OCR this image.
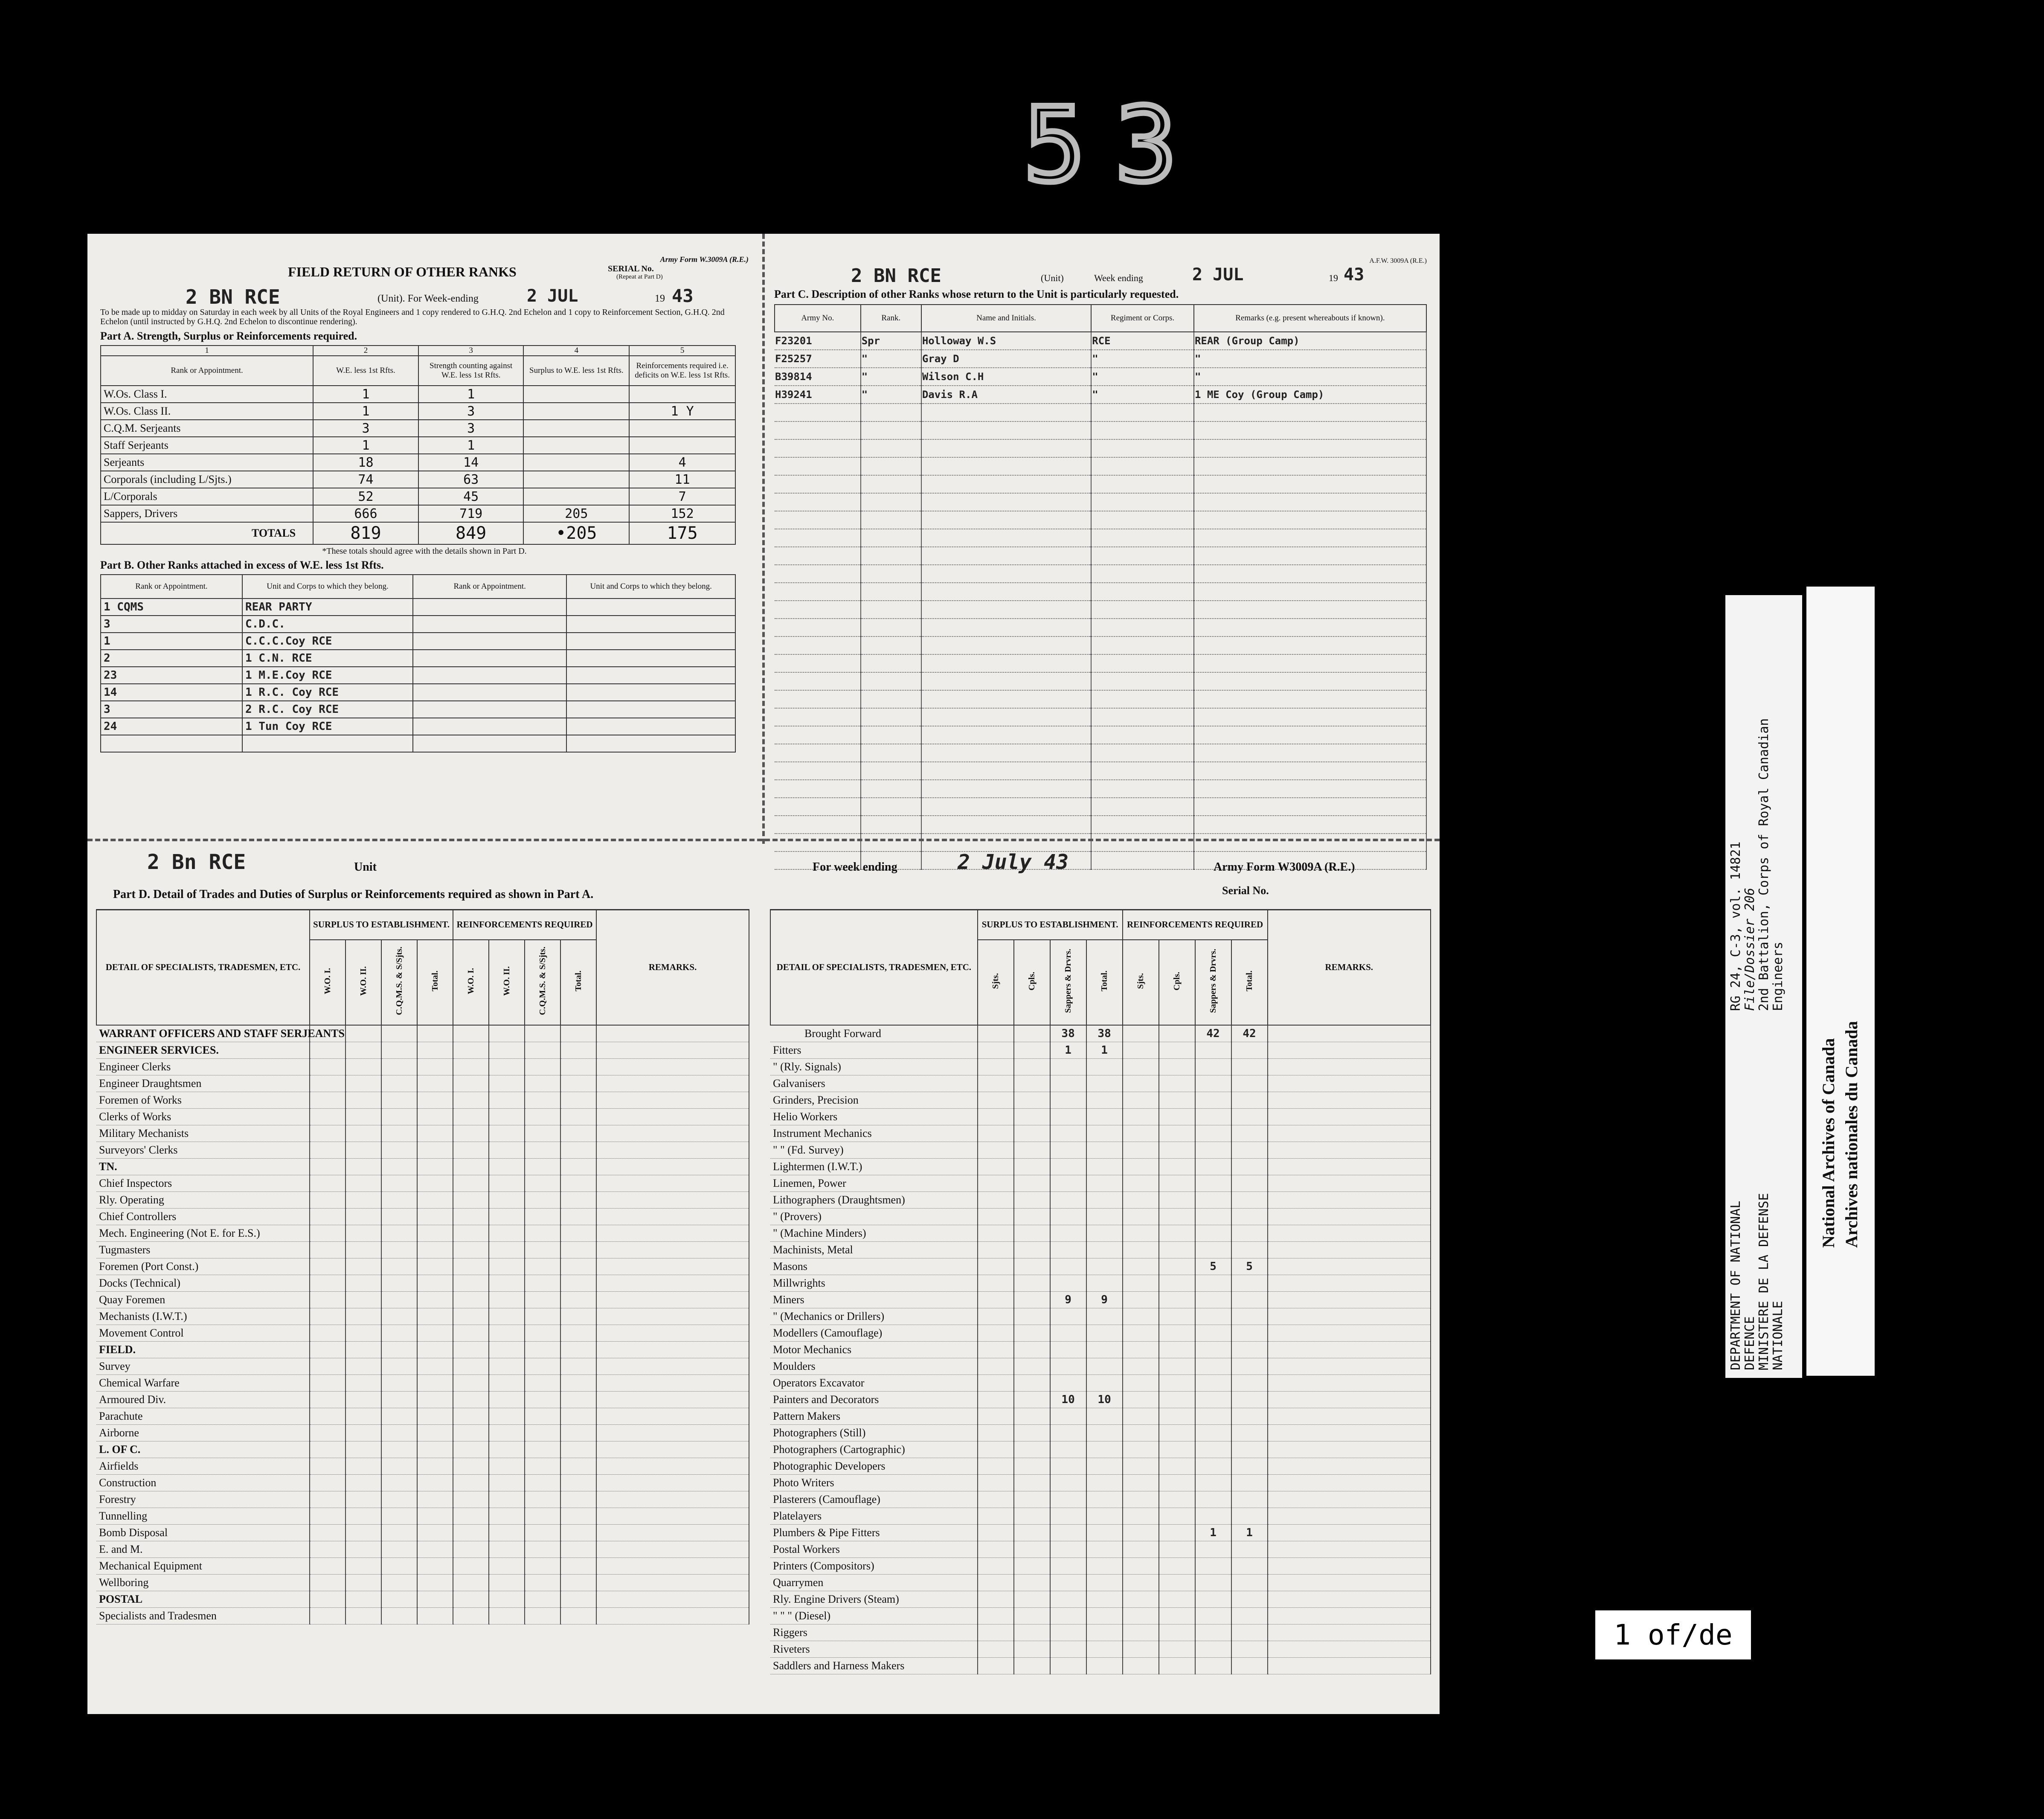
53
Army Form W.3009A (R.E.)
FIELD RETURN OF OTHER RANKS	SERIAL No.
(Repeat at Part D)
2 BN RCE	(Unit). For Week-ending	2 JUL	19 43
To be made up to midday on Saturday in each week by all Units of the Royal Engineers and 1 copy rendered to G.H.Q. 2nd Echelon and 1 copy to Reinforcement Section, G.H.Q. 2nd Echelon (until instructed by G.H.Q. 2nd Echelon to discontinue rendering).
Part A. Strength, Surplus or Reinforcements required.
1	2	3	4	5
Rank or Appointment.	W.E. less 1st Rfts.	Strength counting against W.E. less 1st Rfts.	Surplus to W.E. less 1st Rfts.	Reinforcements required i.e. deficits on W.E. less 1st Rfts.
W.Os. Class I.	1	1		
W.Os. Class II.	1	3		1 Y
C.Q.M. Serjeants	3	3		
Staff Serjeants	1	1		
Serjeants	18	14		4
Corporals (including L/Sjts.)	74	63		11
L/Corporals	52	45		7
Sappers, Drivers	666	719	205	152
TOTALS	819	849	•205	175
*These totals should agree with the details shown in Part D.
Part B. Other Ranks attached in excess of W.E. less 1st Rfts.
Rank or Appointment.	Unit and Corps to which they belong.	Rank or Appointment.	Unit and Corps to which they belong.
1 CQMS	REAR PARTY		
3	C.D.C.		
1	C.C.C.Coy RCE		
2	1 C.N. RCE		
23	1 M.E.Coy RCE		
14	1 R.C. Coy RCE		
3	2 R.C. Coy RCE		
24	1 Tun Coy RCE		

A.F.W. 3009A (R.E.)
2 BN RCE	(Unit)	Week ending	2 JUL	19 43
Part C. Description of other Ranks whose return to the Unit is particularly requested.
Army No.	Rank.	Name and Initials.	Regiment or Corps.	Remarks (e.g. present whereabouts if known).
F23201	Spr	Holloway W.S	RCE	REAR (Group Camp)
F25257	"	Gray D	"	"
B39814	"	Wilson C.H	"	"
H39241	"	Davis R.A	"	1 ME Coy (Group Camp)

2 Bn RCE	Unit	For week ending	2 July 43	Army Form W3009A (R.E.)
Serial No.
Part D. Detail of Trades and Duties of Surplus or Reinforcements required as shown in Part A.
DETAIL OF SPECIALISTS, TRADESMEN, ETC.	SURPLUS TO ESTABLISHMENT.				REINFORCEMENTS REQUIRED				REMARKS.
	W.O. I.	W.O. II.	C.Q.M.S. & S/Sjts.	Total.	W.O. I.	W.O. II.	C.Q.M.S. & S/Sjts.	Total.	
WARRANT OFFICERS AND STAFF SERJEANTS									
ENGINEER SERVICES.									
Engineer Clerks									
Engineer Draughtsmen									
Foremen of Works									
Clerks of Works									
Military Mechanists									
Surveyors' Clerks									
TN.									
Chief Inspectors									
Rly. Operating									
Chief Controllers									
Mech. Engineering (Not E. for E.S.)									
Tugmasters									
Foremen (Port Const.)									
Docks (Technical)									
Quay Foremen									
Mechanists (I.W.T.)									
Movement Control									
FIELD.									
Survey									
Chemical Warfare									
Armoured Div.									
Parachute									
Airborne									
L. OF C.									
Airfields									
Construction									
Forestry									
Tunnelling									
Bomb Disposal									
E. and M.									
Mechanical Equipment									
Wellboring									
POSTAL									
Specialists and Tradesmen									
DETAIL OF SPECIALISTS, TRADESMEN, ETC.	SURPLUS TO ESTABLISHMENT.				REINFORCEMENTS REQUIRED				REMARKS.
	Sjts.	Cpls.	Sappers & Drvrs.	Total.	Sjts.	Cpls.	Sappers & Drvrs.	Total.	
Brought Forward			38	38			42	42	
Fitters			1	1					
" (Rly. Signals)									
Galvanisers									
Grinders, Precision									
Helio Workers									
Instrument Mechanics									
" " (Fd. Survey)									
Lightermen (I.W.T.)									
Linemen, Power									
Lithographers (Draughtsmen)									
" (Provers)									
" (Machine Minders)									
Machinists, Metal									
Masons							5	5	
Millwrights									
Miners			9	9					
" (Mechanics or Drillers)									
Modellers (Camouflage)									
Motor Mechanics									
Moulders									
Operators Excavator									
Painters and Decorators			10	10					
Pattern Makers									
Photographers (Still)									
Photographers (Cartographic)									
Photographic Developers									
Photo Writers									
Plasterers (Camouflage)									
Platelayers									
Plumbers & Pipe Fitters							1	1	
Postal Workers									
Printers (Compositors)									
Quarrymen									
Rly. Engine Drivers (Steam)									
" " " (Diesel)									
Riggers									
Riveters									
Saddlers and Harness Makers									
DEPARTMENT OF NATIONAL
DEFENCE
MINISTERE DE LA DEFENSE
NATIONALE
RG 24, C-3, vol. 14821
File/Dossier 206
2nd Battalion, Corps of Royal Canadian
Engineers
National Archives of Canada Archives nationales du Canada
1 of/de
